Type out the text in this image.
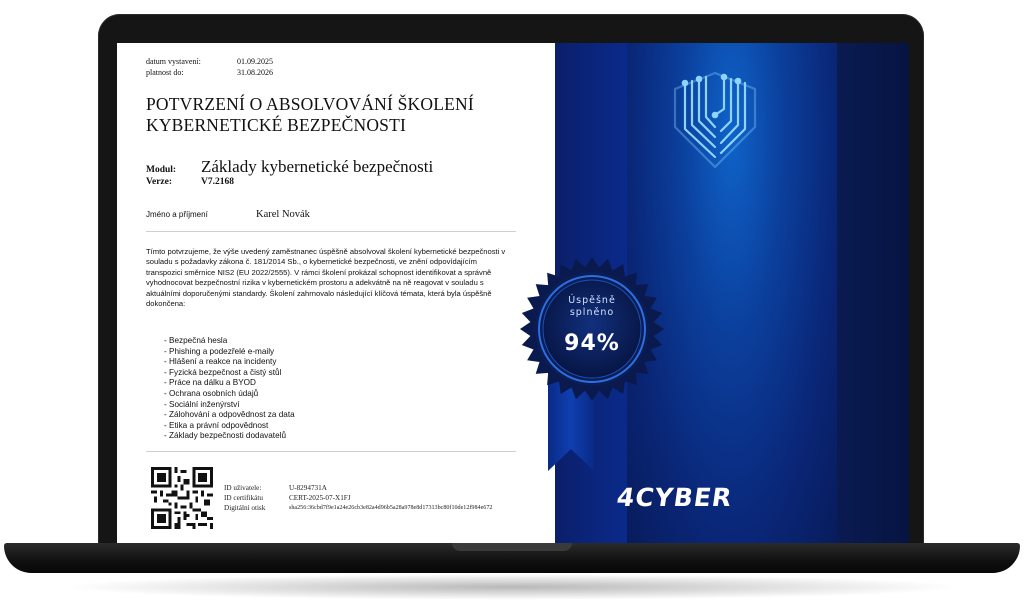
datum vystavení:	01.09.2025
platnost do:	31.08.2026
POTVRZENÍ O ABSOLVOVÁNÍ ŠKOLENÍ KYBERNETICKÉ BEZPEČNOSTI
Modul:	Základy kybernetické bezpečnosti
Verze:	V7.2168
Jméno a příjmení	Karel Novák

Tímto potvrzujeme, že výše uvedený zaměstnanec úspěšně absolvoval školení kybernetické bezpečnosti v souladu s požadavky zákona č. 181/2014 Sb., o kybernetické bezpečnosti, ve znění odpovídajícím transpozici směrnice NIS2 (EU 2022/2555). V rámci školení prokázal schopnost identifikovat a správně vyhodnocovat bezpečnostní rizika v kybernetickém prostoru a adekvátně na ně reagovat v souladu s aktuálními doporučenými standardy. Školení zahrnovalo následující klíčová témata, která byla úspěšně dokončena:

- Bezpečná hesla
- Phishing a podezřelé e-maily
- Hlášení a reakce na incidenty
- Fyzická bezpečnost a čistý stůl
- Práce na dálku a BYOD
- Ochrana osobních údajů
- Sociální inženýrství
- Zálohování a odpovědnost za data
- Etika a právní odpovědnost
- Základy bezpečnosti dodavatelů
ID uživatele:	U-8294731A
ID certifikátu	CERT-2025-07-X1FJ
Digitální otisk	sha256:36cbd7f9e1a24e26cb3e82a4d96b5a28a978e8d17313bc80f10de12f984e672
Úspěšně
splněno
94%
4CYBER
